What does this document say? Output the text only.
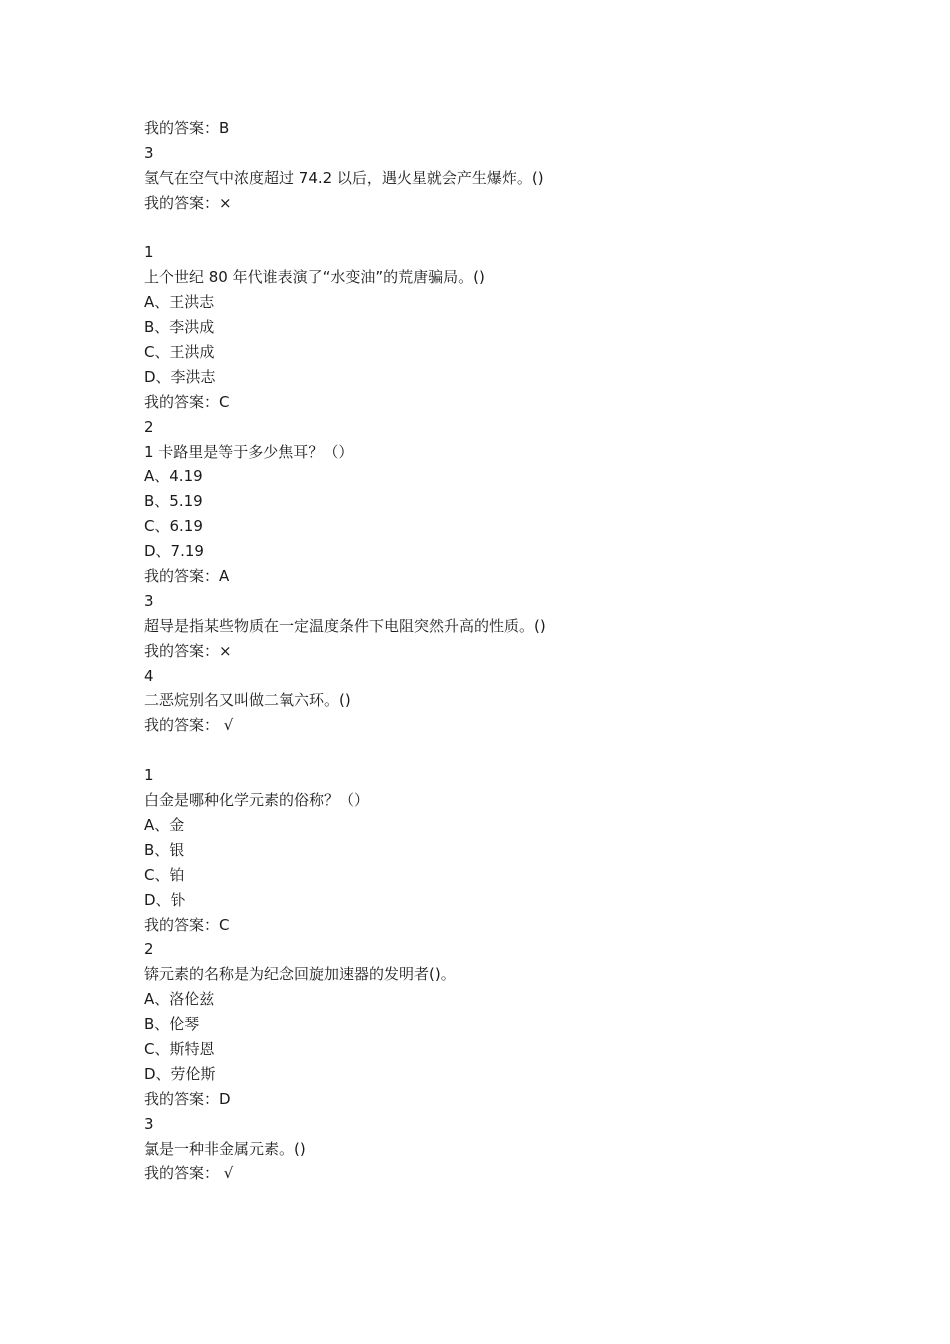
我的答案：B
3
氢气在空气中浓度超过 74.2 以后，遇火星就会产生爆炸。()
我的答案：×
1
上个世纪 80 年代谁表演了“水变油”的荒唐骗局。()
A、王洪志
B、李洪成
C、王洪成
D、李洪志
我的答案：C
2
1 卡路里是等于多少焦耳？（）
A、4.19
B、5.19
C、6.19
D、7.19
我的答案：A
3
超导是指某些物质在一定温度条件下电阻突然升高的性质。()
我的答案：×
4
二恶烷别名又叫做二氧六环。()
我的答案： √
1
白金是哪种化学元素的俗称？（）
A、金
B、银
C、铂
D、钋
我的答案：C
2
锛元素的名称是为纪念回旋加速器的发明者()。
A、洛伦兹
B、伦琴
C、斯特恩
D、劳伦斯
我的答案：D
3
氯是一种非金属元素。()
我的答案： √
